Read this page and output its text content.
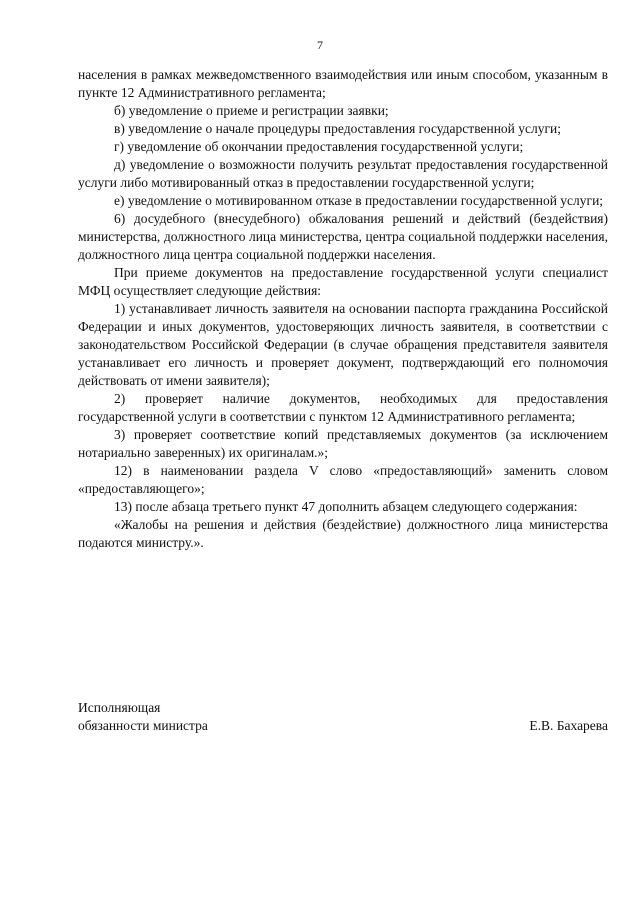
7

населения в рамках межведомственного взаимодействия или иным способом, указанным в пункте 12 Административного регламента;

б) уведомление о приеме и регистрации заявки;

в) уведомление о начале процедуры предоставления государственной услуги;

г) уведомление об окончании предоставления государственной услуги;

д) уведомление о возможности получить результат предоставления государственной услуги либо мотивированный отказ в предоставлении государственной услуги;

е) уведомление о мотивированном отказе в предоставлении государственной услуги;

6) досудебного (внесудебного) обжалования решений и действий (бездействия) министерства, должностного лица министерства, центра социальной поддержки населения, должностного лица центра социальной поддержки населения.

При приеме документов на предоставление государственной услуги специалист МФЦ осуществляет следующие действия:

1) устанавливает личность заявителя на основании паспорта гражданина Российской Федерации и иных документов, удостоверяющих личность заявителя, в соответствии с законодательством Российской Федерации (в случае обращения представителя заявителя устанавливает его личность и проверяет документ, подтверждающий его полномочия действовать от имени заявителя);

2) проверяет наличие документов, необходимых для предоставления государственной услуги в соответствии с пунктом 12 Административного регламента;

3) проверяет соответствие копий представляемых документов (за исключением нотариально заверенных) их оригиналам.»;

12) в наименовании раздела V слово «предоставляющий» заменить словом «предоставляющего»;

13) после абзаца третьего пункт 47 дополнить абзацем следующего содержания:

«Жалобы на решения и действия (бездействие) должностного лица министерства подаются министру.».

Исполняющая
обязанности министра	Е.В. Бахарева
